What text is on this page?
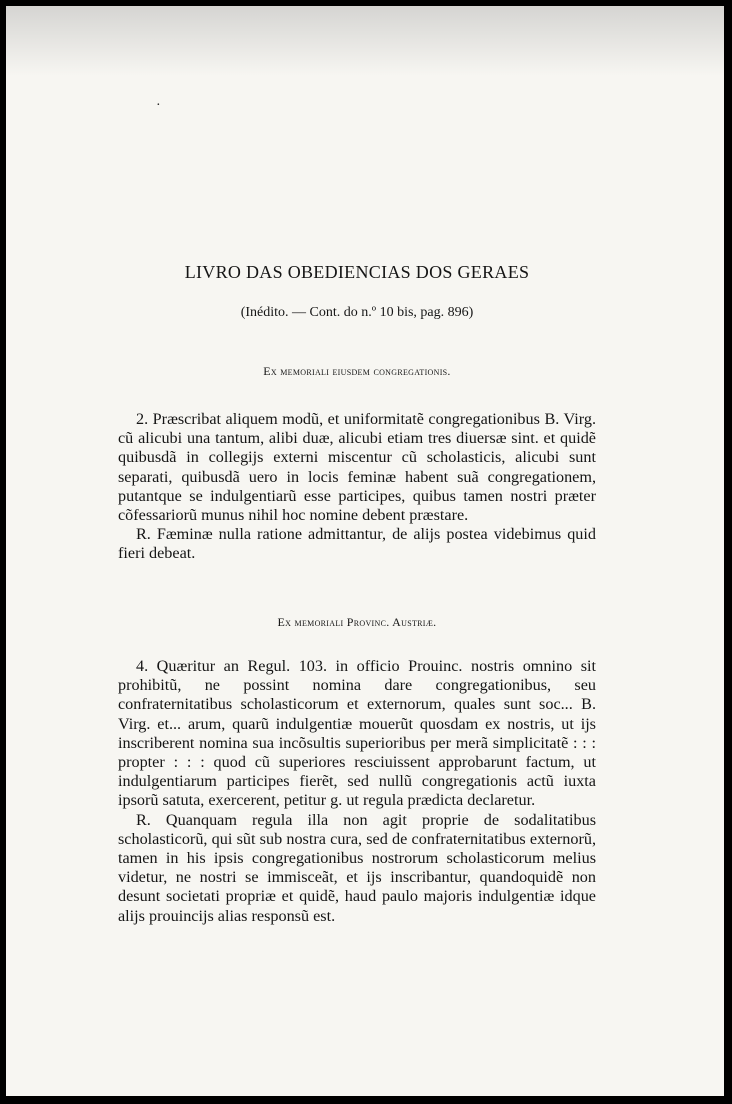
·
LIVRO DAS OBEDIENCIAS DOS GERAES
(Inédito. — Cont. do n.º 10 bis, pag. 896)
Ex memoriali eiusdem congregationis.

2. Præscribat aliquem modũ, et uniformitatẽ congregationibus B. Virg. cũ alicubi una tantum, alibi duæ, alicubi etiam tres diuersæ sint. et quidẽ quibusdã in collegijs externi miscentur cũ scholasticis, alicubi sunt separati, quibusdã uero in locis feminæ habent suã congregationem, putantque se indulgentiarũ esse participes, quibus tamen nostri præter cõfessariorũ munus nihil hoc nomine debent præstare.

R. Fæminæ nulla ratione admittantur, de alijs postea videbimus quid fieri debeat.

Ex memoriali Provinc. Austriæ.

4. Quæritur an Regul. 103. in officio Prouinc. nostris omnino sit prohibitũ, ne possint nomina dare congregationibus, seu confraternitatibus scholasticorum et externorum, quales sunt soc... B. Virg. et... arum, quarũ indulgentiæ mouerũt quosdam ex nostris, ut ijs inscriberent nomina sua incõsultis superioribus per merã simplicitatẽ : : : propter : : : quod cũ superiores resciuissent approbarunt factum, ut indulgentiarum participes fierẽt, sed nullũ congregationis actũ iuxta ipsorũ satuta, exercerent, petitur g. ut regula prædicta declaretur.

R. Quanquam regula illa non agit proprie de sodalitatibus scholasticorũ, qui sũt sub nostra cura, sed de confraternitatibus externorũ, tamen in his ipsis congregationibus nostrorum scholasticorum melius videtur, ne nostri se immisceãt, et ijs inscribantur, quandoquidẽ non desunt societati propriæ et quidẽ, haud paulo majoris indulgentiæ idque alijs prouincijs alias responsũ est.
